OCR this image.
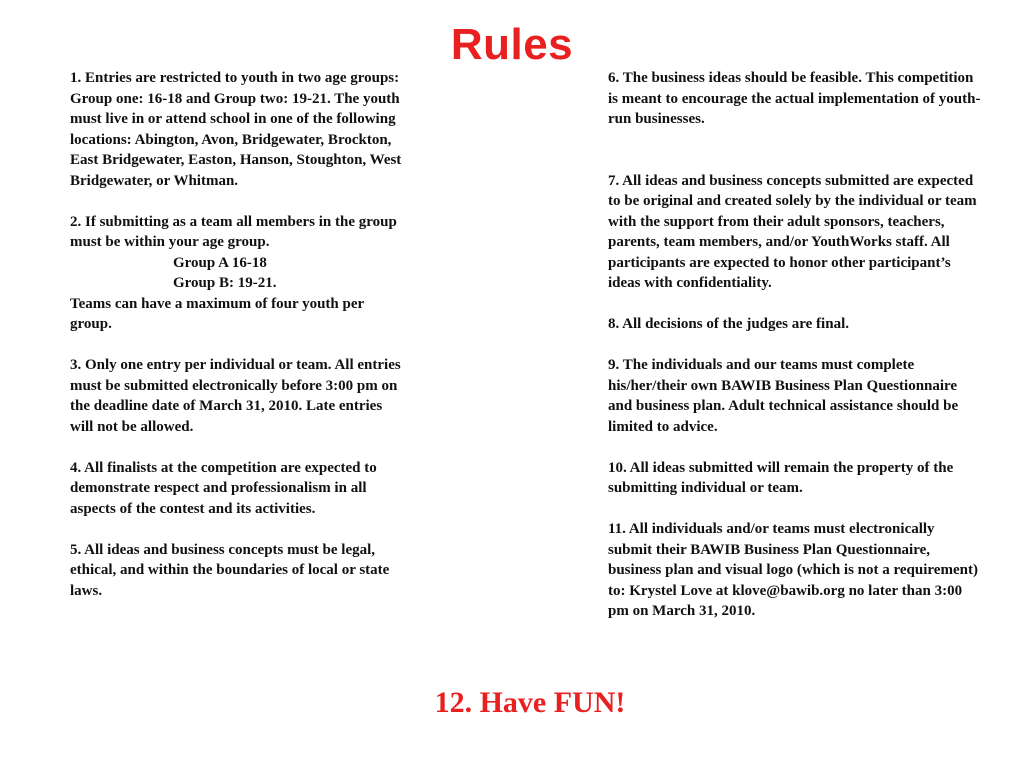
Rules

1. Entries are restricted to youth in two age groups: Group one: 16-18 and Group two: 19-21. The youth must live in or attend school in one of the following locations: Abington, Avon, Bridgewater, Brockton, East Bridgewater, Easton, Hanson, Stoughton, West Bridgewater, or Whitman.

2. If submitting as a team all members in the group must be within your age group.

Group A 16-18

Group B: 19-21.

Teams can have a maximum of four youth per group.

3. Only one entry per individual or team. All entries must be submitted electronically before 3:00 pm on the deadline date of March 31, 2010. Late entries will not be allowed.

4. All finalists at the competition are expected to demonstrate respect and professionalism in all aspects of the contest and its activities.

5. All ideas and business concepts must be legal, ethical, and within the boundaries of local or state laws.

6. The business ideas should be feasible. This competition is meant to encourage the actual implementation of youth-run businesses.

7. All ideas and business concepts submitted are expected to be original and created solely by the individual or team with the support from their adult sponsors, teachers, parents, team members, and/or YouthWorks staff. All participants are expected to honor other participant’s ideas with confidentiality.

8. All decisions of the judges are final.

9. The individuals and our teams must complete his/her/their own BAWIB Business Plan Questionnaire and business plan. Adult technical assistance should be limited to advice.

10. All ideas submitted will remain the property of the submitting individual or team.

11. All individuals and/or teams must electronically submit their BAWIB Business Plan Questionnaire, business plan and visual logo (which is not a requirement) to: Krystel Love at klove@bawib.org no later than 3:00 pm on March 31, 2010.

12. Have FUN!
